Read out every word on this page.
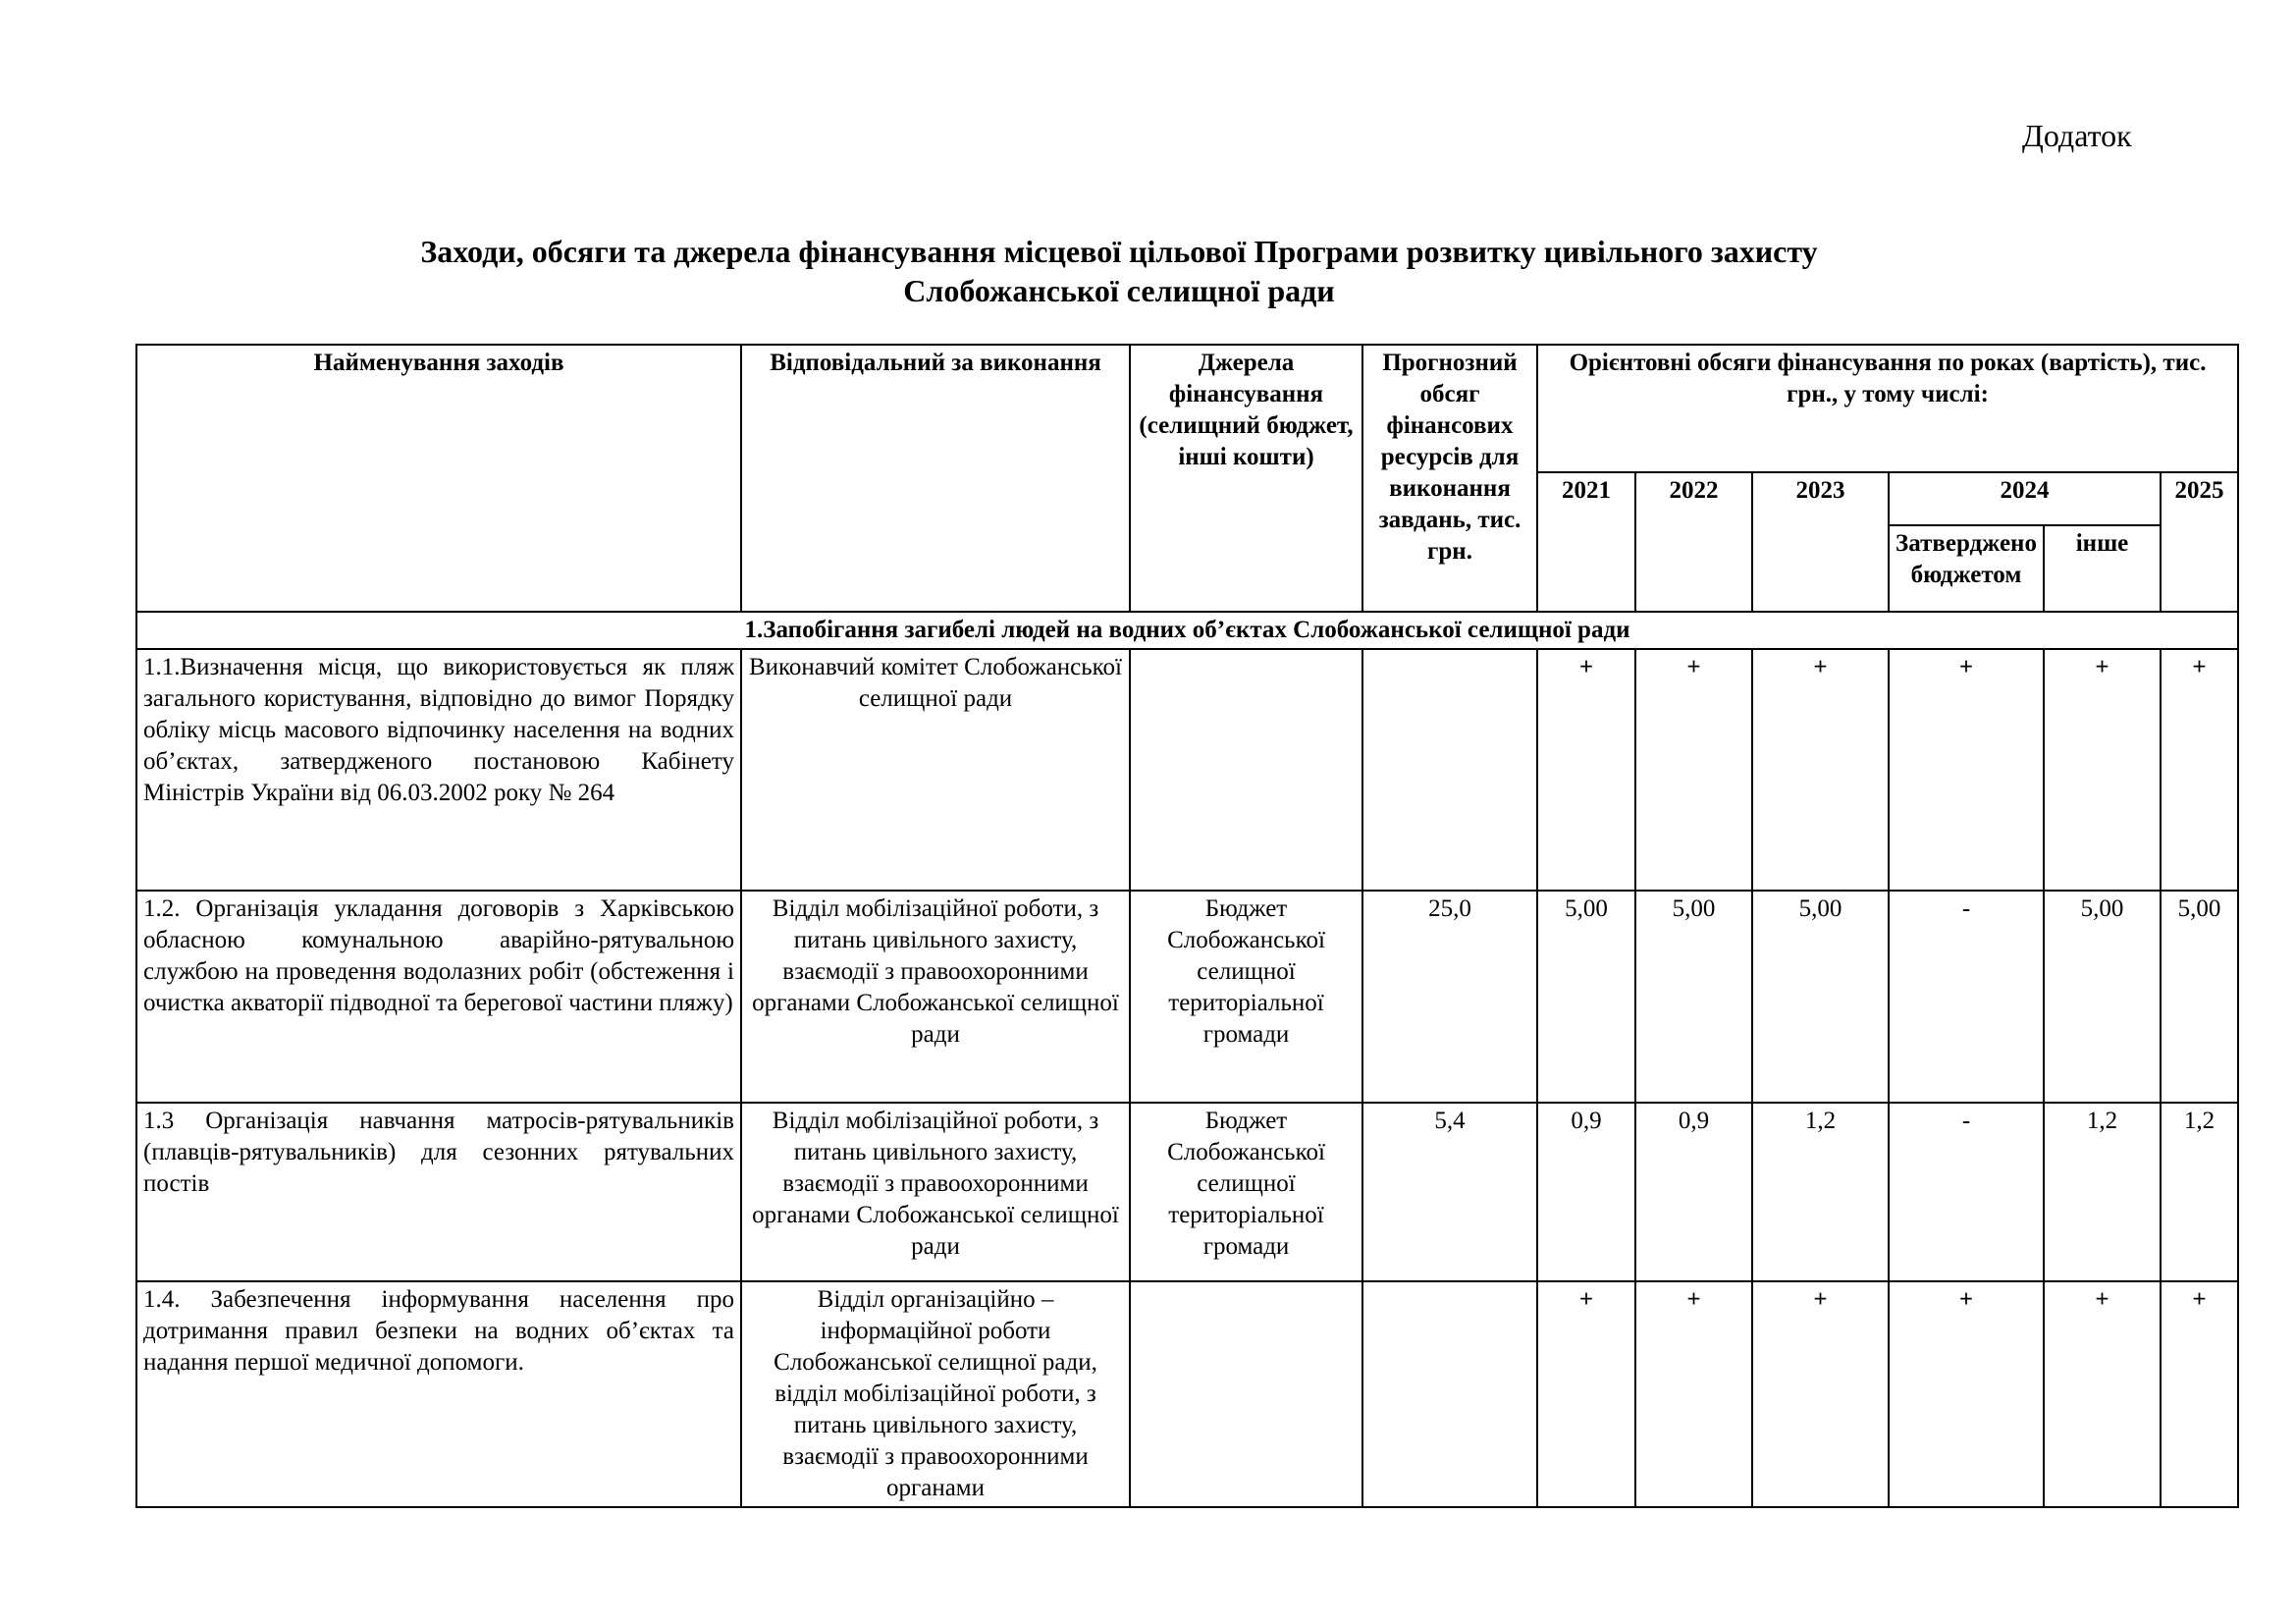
Додаток
Заходи, обсяги та джерела фінансування місцевої цільової Програми розвитку цивільного захисту
Слобожанської селищної ради
Найменування заходів	Відповідальний за виконання	Джерела фінансування (селищний бюджет, інші кошти)	Прогнозний обсяг фінансових ресурсів для виконання завдань, тис. грн.	Орієнтовні обсяги фінансування по роках (вартість), тис. грн., у тому числі:					
				2021	2022	2023	2024		2025
							Затверджено бюджетом	інше	
1.Запобігання загибелі людей на водних об’єктах Слобожанської селищної ради									
1.1.Визначення місця, що використовується як пляж загального користування, відповідно до вимог Порядку обліку місць масового відпочинку населення на водних об’єктах, затвердженого постановою Кабінету Міністрів України від 06.03.2002 року № 264	Виконавчий комітет Слобожанської селищної ради			+	+	+	+	+	+
1.2. Організація укладання договорів з Харківською обласною комунальною аварійно-рятувальною службою на проведення водолазних робіт (обстеження і очистка акваторії підводної та берегової частини пляжу)	Відділ мобілізаційної роботи, з питань цивільного захисту, взаємодії з правоохоронними органами Слобожанської селищної ради	Бюджет Слобожанської селищної територіальної громади	25,0	5,00	5,00	5,00	-	5,00	5,00
1.3 Організація навчання матросів-рятувальників (плавців-рятувальників) для сезонних рятувальних постів	Відділ мобілізаційної роботи, з питань цивільного захисту, взаємодії з правоохоронними органами Слобожанської селищної ради	Бюджет Слобожанської селищної територіальної громади	5,4	0,9	0,9	1,2	-	1,2	1,2
1.4. Забезпечення інформування населення про дотримання правил безпеки на водних об’єктах та надання першої медичної допомоги.	Відділ організаційно – інформаційної роботи Слобожанської селищної ради, відділ мобілізаційної роботи, з питань цивільного захисту, взаємодії з правоохоронними органами			+	+	+	+	+	+
